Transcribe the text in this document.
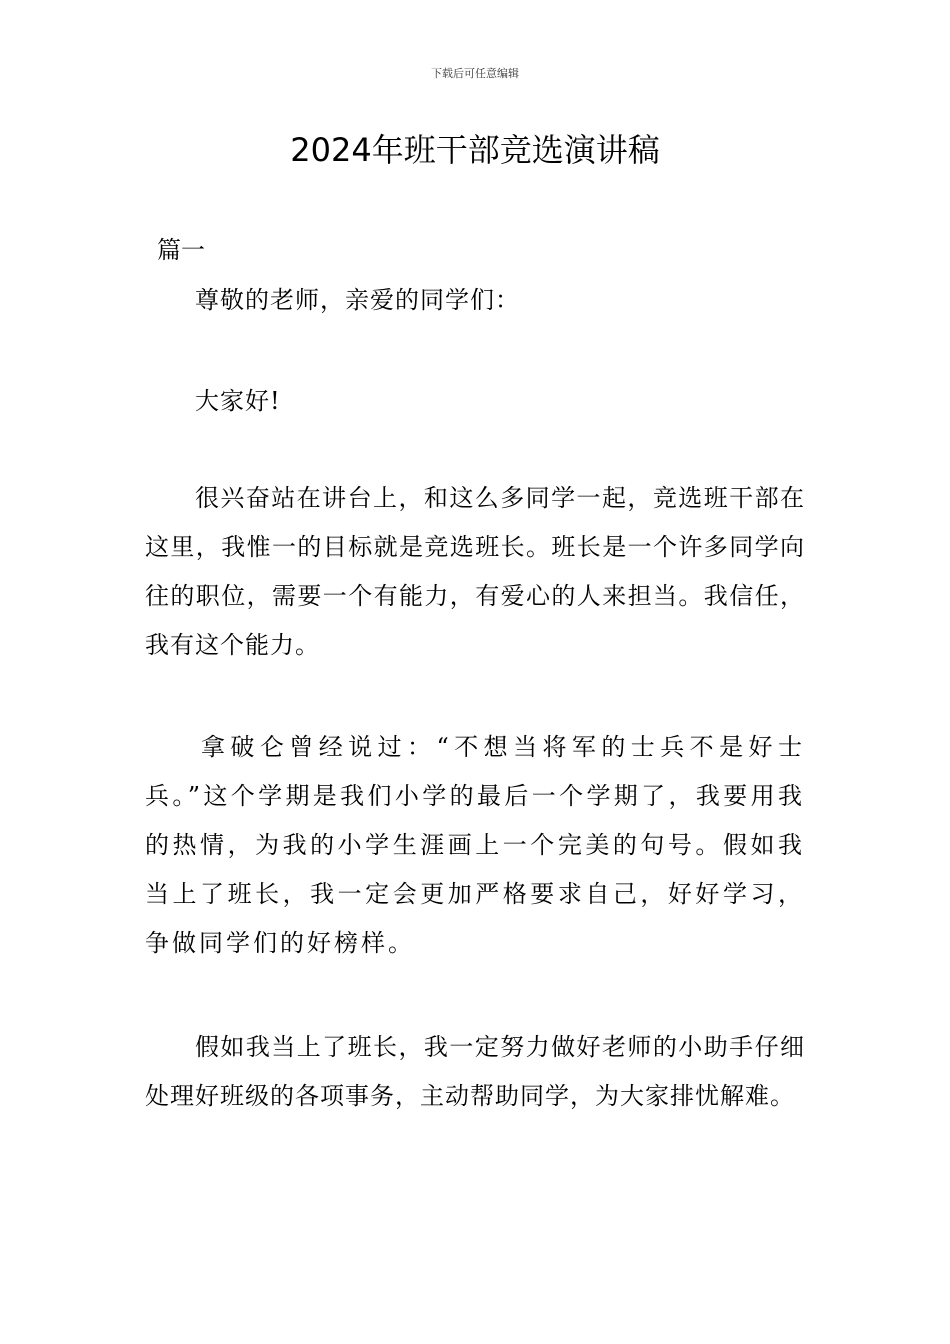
下载后可任意编辑
2024年班干部竞选演讲稿
篇一

尊敬的老师，亲爱的同学们：

大家好!

很兴奋站在讲台上，和这么多同学一起，竞选班干部在这里，我惟一的目标就是竞选班长。班长是一个许多同学向往的职位，需要一个有能力，有爱心的人来担当。我信任，我有这个能力。

拿破仑曾经说过：“不想当将军的士兵不是好士兵。”这个学期是我们小学的最后一个学期了，我要用我的热情，为我的小学生涯画上一个完美的句号。假如我当上了班长，我一定会更加严格要求自己，好好学习，争做同学们的好榜样。

假如我当上了班长，我一定努力做好老师的小助手仔细处理好班级的各项事务，主动帮助同学，为大家排忧解难。
